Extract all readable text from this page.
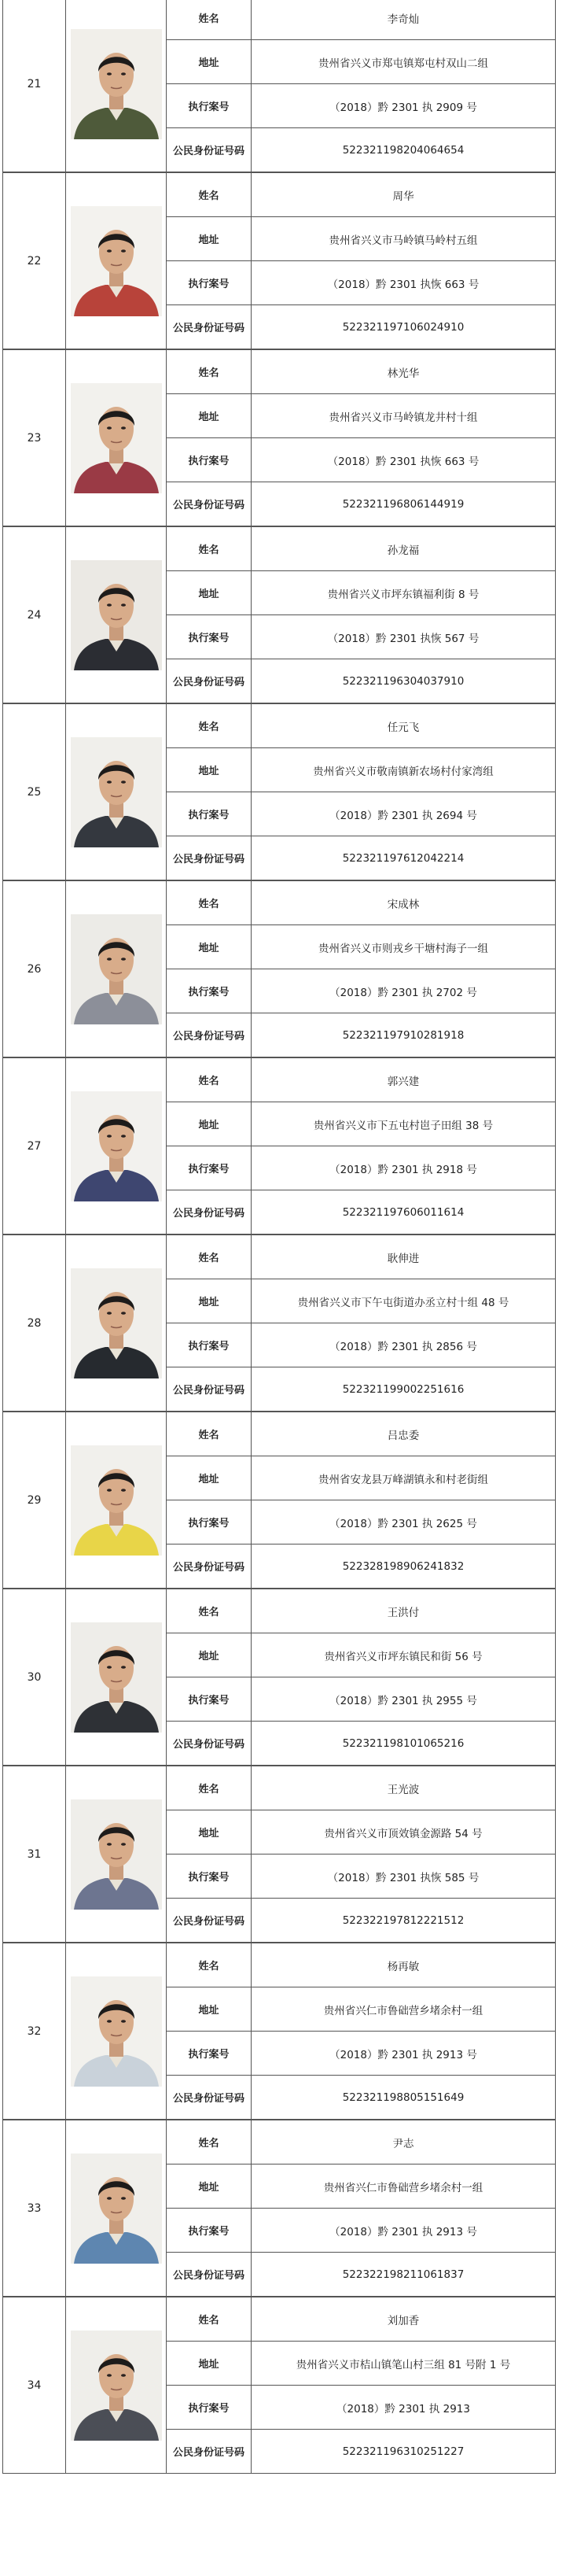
21
姓名	李奇灿
地址	贵州省兴义市郑屯镇郑屯村双山二组
执行案号	（2018）黔 2301 执 2909 号
公民身份证号码	522321198204064654
22
姓名	周华
地址	贵州省兴义市马岭镇马岭村五组
执行案号	（2018）黔 2301 执恢 663 号
公民身份证号码	522321197106024910
23
姓名	林光华
地址	贵州省兴义市马岭镇龙井村十组
执行案号	（2018）黔 2301 执恢 663 号
公民身份证号码	522321196806144919
24
姓名	孙龙福
地址	贵州省兴义市坪东镇福利街 8 号
执行案号	（2018）黔 2301 执恢 567 号
公民身份证号码	522321196304037910
25
姓名	任元飞
地址	贵州省兴义市敬南镇新农场村付家湾组
执行案号	（2018）黔 2301 执 2694 号
公民身份证号码	522321197612042214
26
姓名	宋成林
地址	贵州省兴义市则戎乡干塘村海子一组
执行案号	（2018）黔 2301 执 2702 号
公民身份证号码	522321197910281918
27
姓名	郭兴建
地址	贵州省兴义市下五屯村岜子田组 38 号
执行案号	（2018）黔 2301 执 2918 号
公民身份证号码	522321197606011614
28
姓名	耿伸进
地址	贵州省兴义市下午屯街道办丞立村十组 48 号
执行案号	（2018）黔 2301 执 2856 号
公民身份证号码	522321199002251616
29
姓名	吕忠委
地址	贵州省安龙县万峰湖镇永和村老街组
执行案号	（2018）黔 2301 执 2625 号
公民身份证号码	522328198906241832
30
姓名	王洪付
地址	贵州省兴义市坪东镇民和街 56 号
执行案号	（2018）黔 2301 执 2955 号
公民身份证号码	522321198101065216
31
姓名	王光波
地址	贵州省兴义市顶效镇金源路 54 号
执行案号	（2018）黔 2301 执恢 585 号
公民身份证号码	522322197812221512
32
姓名	杨再敏
地址	贵州省兴仁市鲁础营乡堵余村一组
执行案号	（2018）黔 2301 执 2913 号
公民身份证号码	522321198805151649
33
姓名	尹志
地址	贵州省兴仁市鲁础营乡堵余村一组
执行案号	（2018）黔 2301 执 2913 号
公民身份证号码	522322198211061837
34
姓名	刘加香
地址	贵州省兴义市桔山镇笔山村三组 81 号附 1 号
执行案号	（2018）黔 2301 执 2913
公民身份证号码	522321196310251227
